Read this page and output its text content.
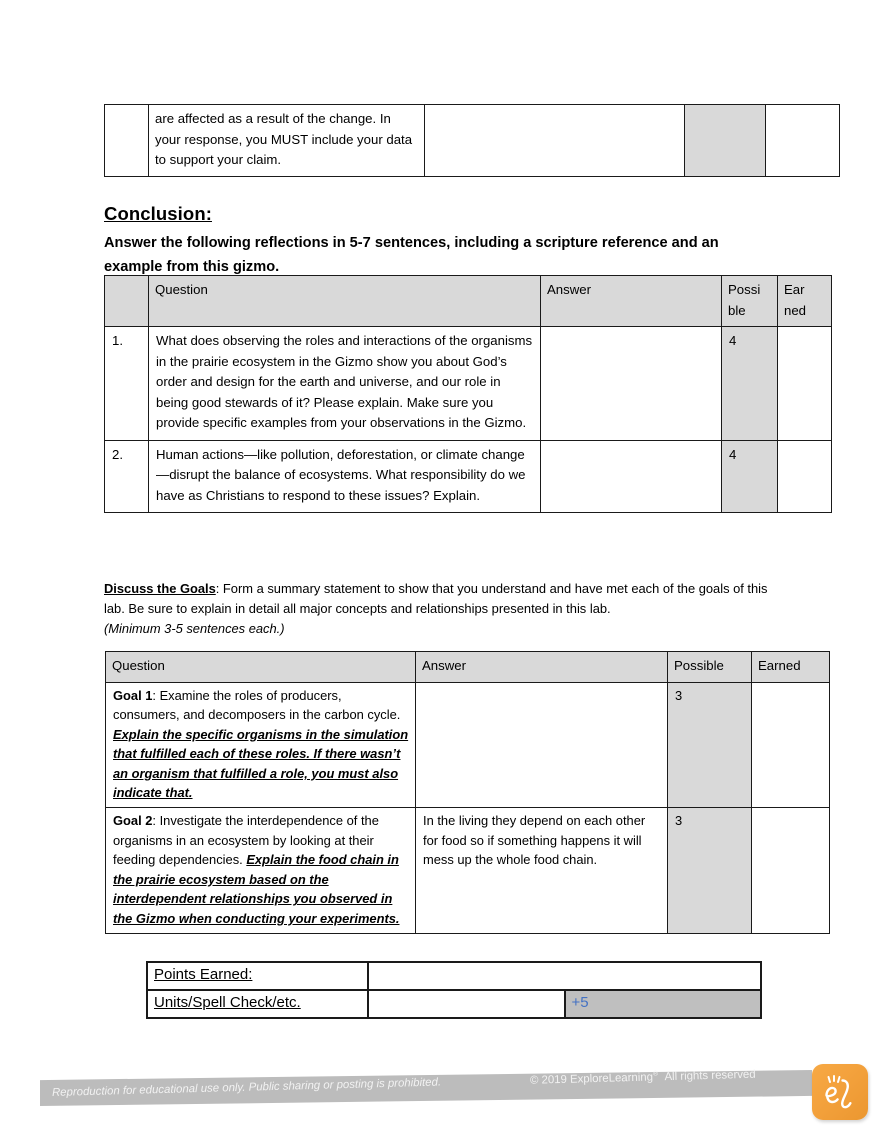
	are affected as a result of the change. In your response, you MUST include your data to support your claim.			
Conclusion:
Answer the following reflections in 5-7 sentences, including a scripture reference and an example from this gizmo.
	Question	Answer	Possi ble	Ear ned
1.	What does observing the roles and interactions of the organisms in the prairie ecosystem in the Gizmo show you about God’s order and design for the earth and universe, and our role in being good stewards of it? Please explain. Make sure you provide specific examples from your observations in the Gizmo.		4	
2.	Human actions—like pollution, deforestation, or climate change—disrupt the balance of ecosystems. What responsibility do we have as Christians to respond to these issues? Explain.		4	
Discuss the Goals: Form a summary statement to show that you understand and have met each of the goals of this lab. Be sure to explain in detail all major concepts and relationships presented in this lab.
(Minimum 3-5 sentences each.)
Question	Answer	Possible	Earned
Goal 1: Examine the roles of producers, consumers, and decomposers in the carbon cycle. Explain the specific organisms in the simulation that fulfilled each of these roles. If there wasn’t an organism that fulfilled a role, you must also indicate that.		3	
Goal 2: Investigate the interdependence of the organisms in an ecosystem by looking at their feeding dependencies. Explain the food chain in the prairie ecosystem based on the interdependent relationships you observed in the Gizmo when conducting your experiments.	In the living they depend on each other for food so if something happens it will mess up the whole food chain.	3	
Points Earned:		
Units/Spell Check/etc.		+5
Reproduction for educational use only. Public sharing or posting is prohibited.	© 2019 ExploreLearning® All rights reserved
